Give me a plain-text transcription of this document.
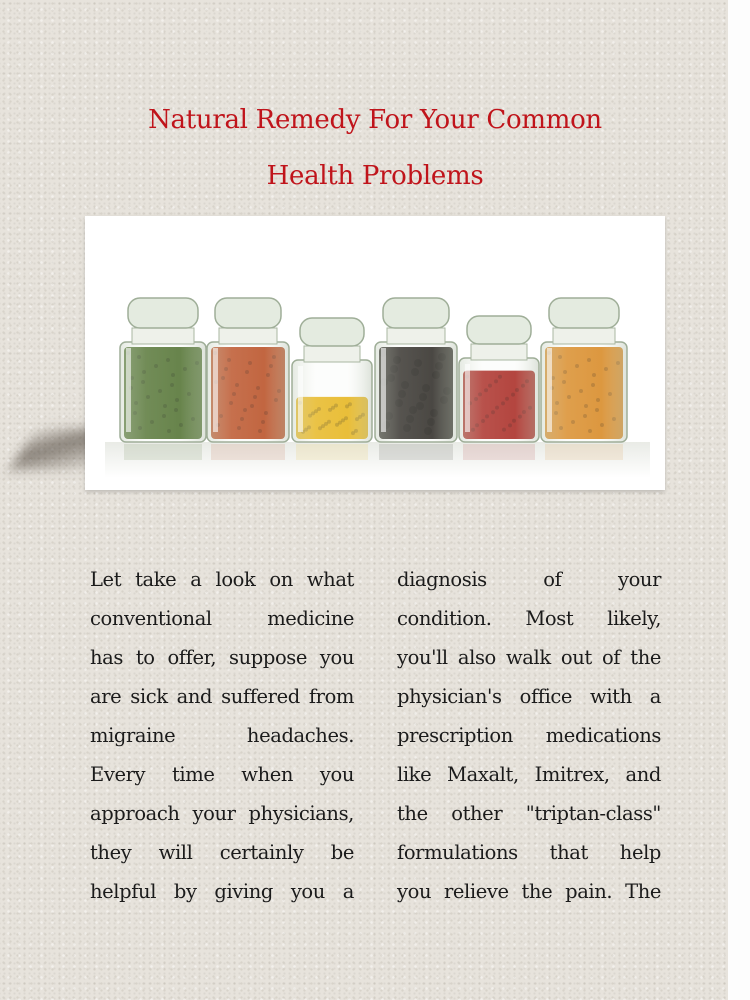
Natural Remedy For Your Common
Health Problems

Let take a look on what
conventional medicine
has to offer, suppose you
are sick and suffered from
migraine headaches.
Every time when you
approach your physicians,
they will certainly be
helpful by giving you a

diagnosis of your
condition. Most likely,
you'll also walk out of the
physician's office with a
prescription medications
like Maxalt, Imitrex, and
the other "triptan-class"
formulations that help
you relieve the pain. The
